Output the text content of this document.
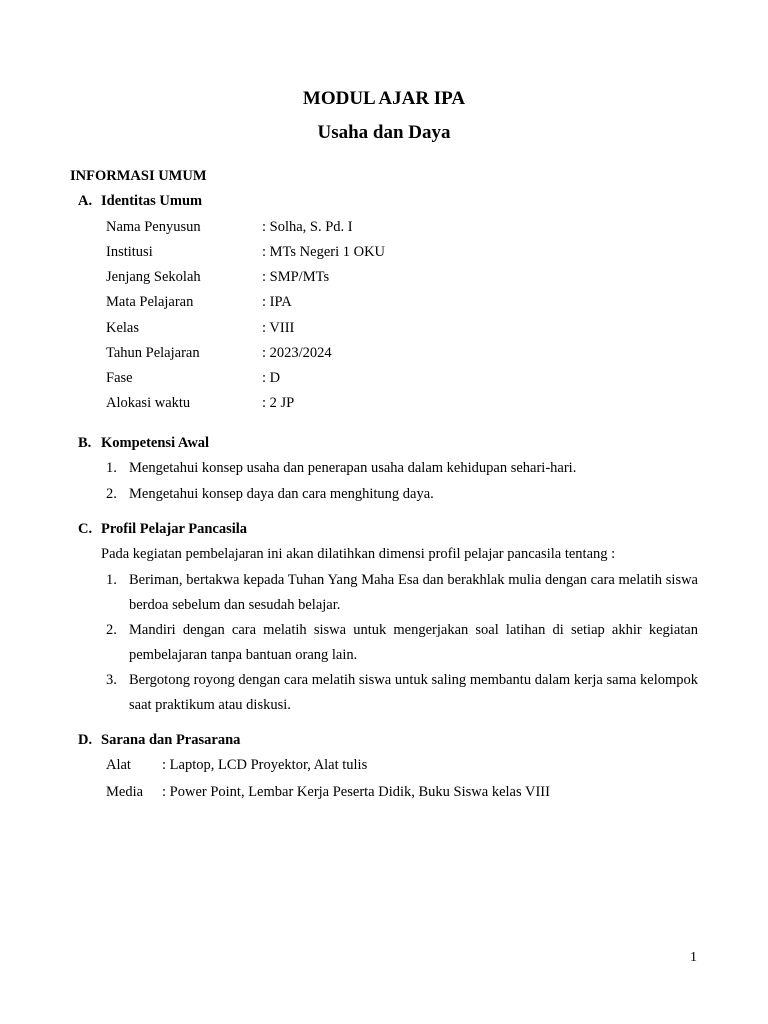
MODUL AJAR IPA
Usaha dan Daya
INFORMASI UMUM
A. Identitas Umum
Nama Penyusun	: Solha, S. Pd. I
Institusi	: MTs Negeri 1 OKU
Jenjang Sekolah	: SMP/MTs
Mata Pelajaran	: IPA
Kelas	: VIII
Tahun Pelajaran	: 2023/2024
Fase	: D
Alokasi waktu	: 2 JP
B. Kompetensi Awal
1. Mengetahui konsep usaha dan penerapan usaha dalam kehidupan sehari-hari.
2. Mengetahui konsep daya dan cara menghitung daya.
C. Profil Pelajar Pancasila
Pada kegiatan pembelajaran ini akan dilatihkan dimensi profil pelajar pancasila tentang :
1. Beriman, bertakwa kepada Tuhan Yang Maha Esa dan berakhlak mulia dengan cara melatih siswa berdoa sebelum dan sesudah belajar.
2. Mandiri dengan cara melatih siswa untuk mengerjakan soal latihan di setiap akhir kegiatan pembelajaran tanpa bantuan orang lain.
3. Bergotong royong dengan cara melatih siswa untuk saling membantu dalam kerja sama kelompok saat praktikum atau diskusi.
D. Sarana dan Prasarana
Alat : Laptop, LCD Proyektor, Alat tulis
Media : Power Point, Lembar Kerja Peserta Didik, Buku Siswa kelas VIII
1
